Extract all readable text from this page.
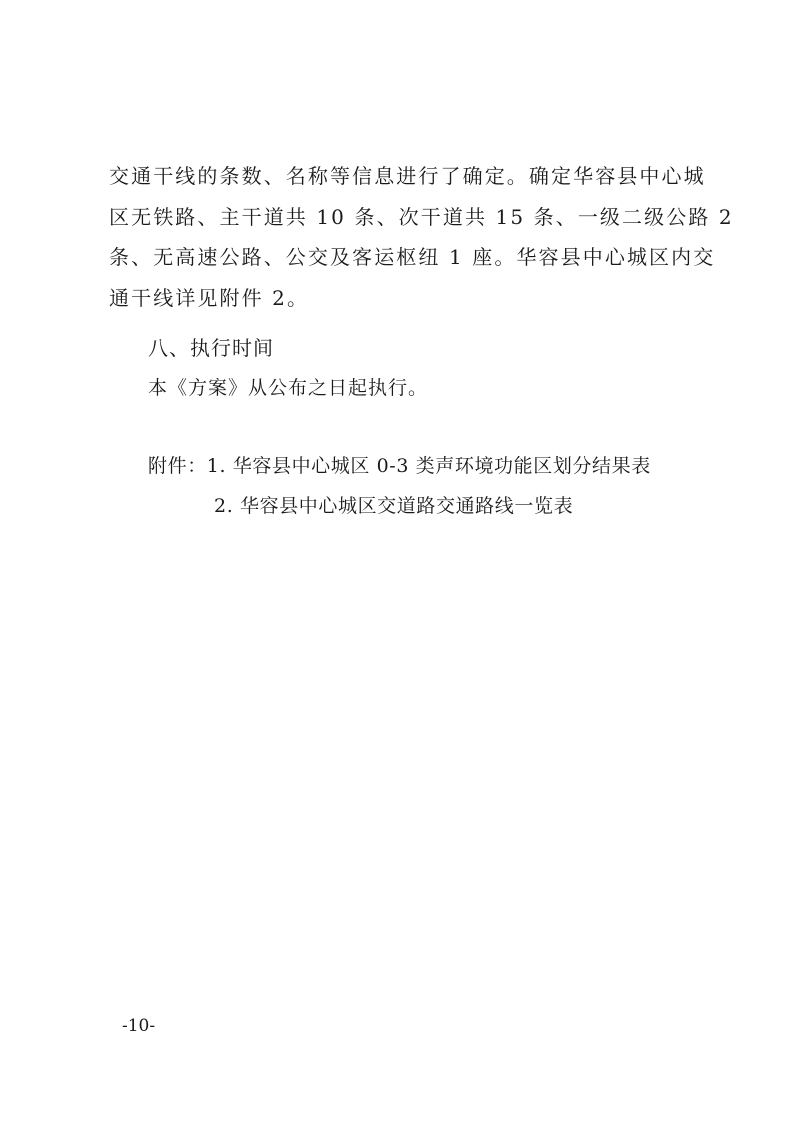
交通干线的条数、名称等信息进行了确定。确定华容县中心城
区无铁路、主干道共 10 条、次干道共 15 条、一级二级公路 2
条、无高速公路、公交及客运枢纽 1 座。华容县中心城区内交
通干线详见附件 2。
八、执行时间
本《方案》从公布之日起执行。
附件：1. 华容县中心城区 0-3 类声环境功能区划分结果表
2. 华容县中心城区交道路交通路线一览表
-10-
